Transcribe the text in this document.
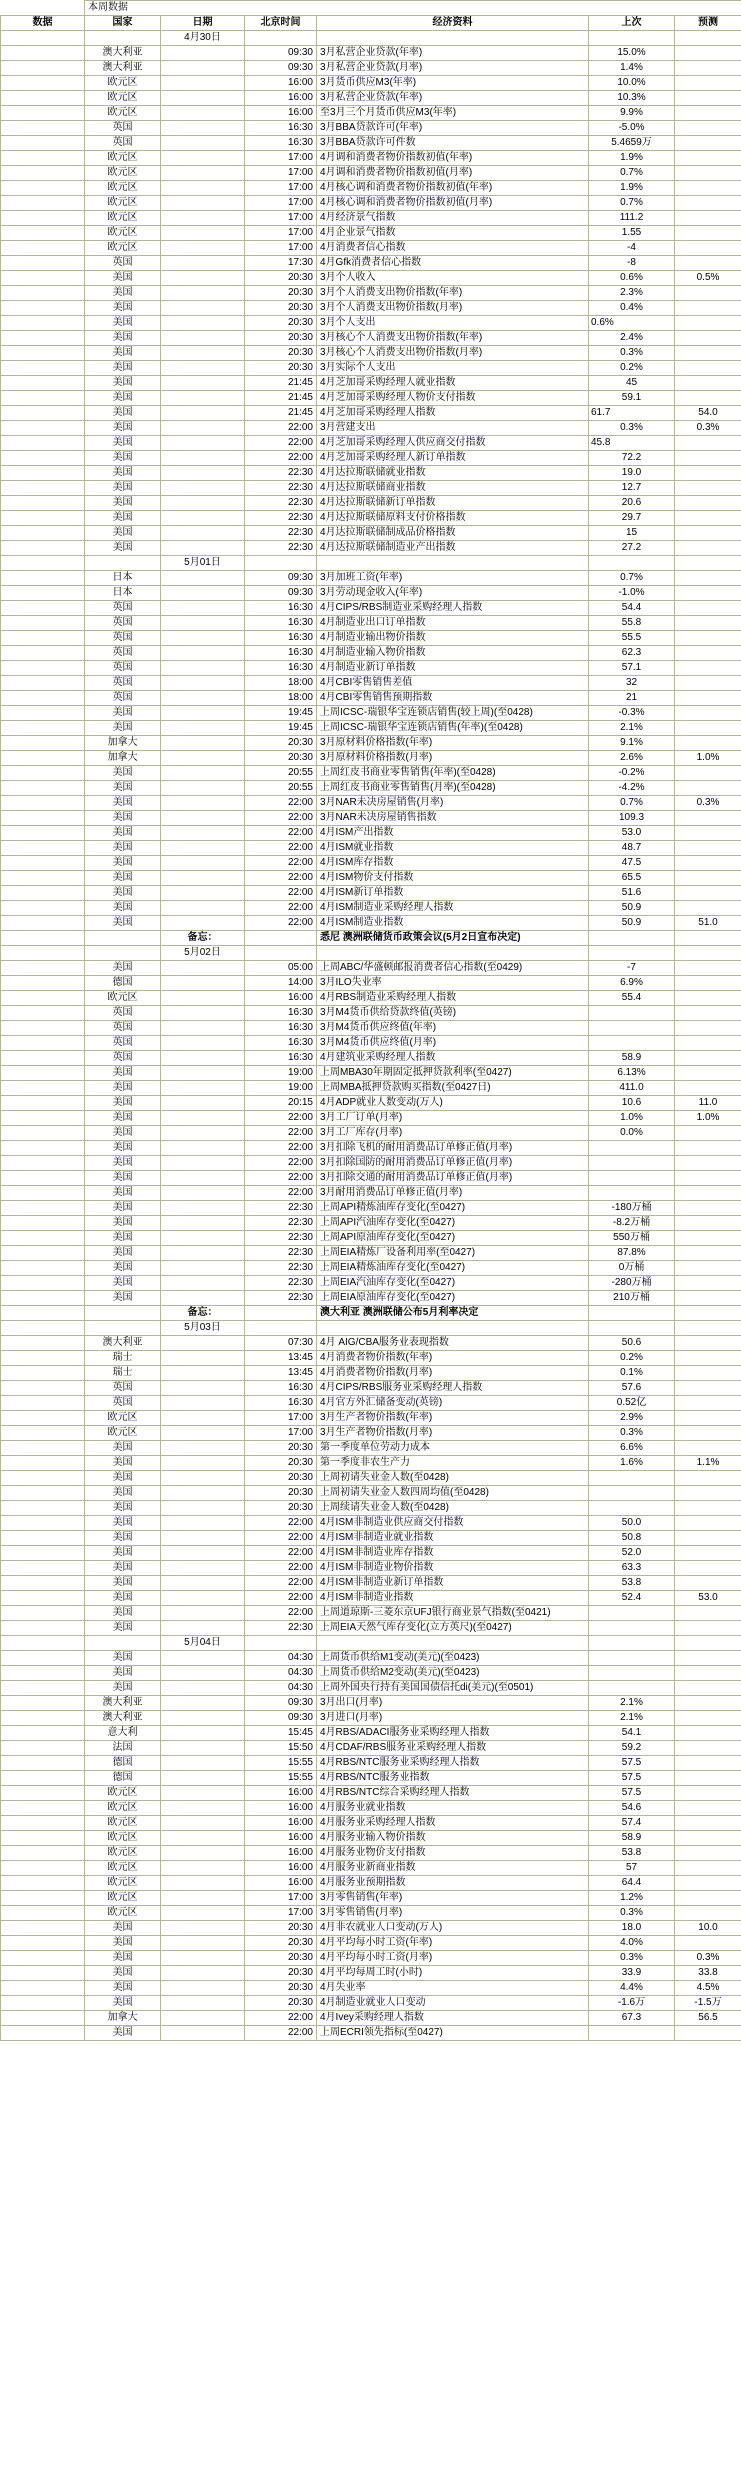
	本周数据					
数据	国家	日期	北京时间	经济资料	上次	预测
		4月30日				
	澳大利亚		09:30	3月私营企业贷款(年率)	15.0%	
	澳大利亚		09:30	3月私营企业贷款(月率)	1.4%	
	欧元区		16:00	3月货币供应M3(年率)	10.0%	
	欧元区		16:00	3月私营企业贷款(年率)	10.3%	
	欧元区		16:00	至3月三个月货币供应M3(年率)	9.9%	
	英国		16:30	3月BBA贷款许可(年率)	-5.0%	
	英国		16:30	3月BBA贷款许可件数	5.4659万	
	欧元区		17:00	4月调和消费者物价指数初值(年率)	1.9%	
	欧元区		17:00	4月调和消费者物价指数初值(月率)	0.7%	
	欧元区		17:00	4月核心调和消费者物价指数初值(年率)	1.9%	
	欧元区		17:00	4月核心调和消费者物价指数初值(月率)	0.7%	
	欧元区		17:00	4月经济景气指数	111.2	
	欧元区		17:00	4月企业景气指数	1.55	
	欧元区		17:00	4月消费者信心指数	-4	
	英国		17:30	4月Gfk消费者信心指数	-8	
	美国		20:30	3月个人收入	0.6%	0.5%
	美国		20:30	3月个人消费支出物价指数(年率)	2.3%	
	美国		20:30	3月个人消费支出物价指数(月率)	0.4%	
	美国		20:30	3月个人支出	0.6%	
	美国		20:30	3月核心个人消费支出物价指数(年率)	2.4%	
	美国		20:30	3月核心个人消费支出物价指数(月率)	0.3%	
	美国		20:30	3月实际个人支出	0.2%	
	美国		21:45	4月芝加哥采购经理人就业指数	45	
	美国		21:45	4月芝加哥采购经理人物价支付指数	59.1	
	美国		21:45	4月芝加哥采购经理人指数	61.7	54.0
	美国		22:00	3月营建支出	0.3%	0.3%
	美国		22:00	4月芝加哥采购经理人供应商交付指数	45.8	
	美国		22:00	4月芝加哥采购经理人新订单指数	72.2	
	美国		22:30	4月达拉斯联储就业指数	19.0	
	美国		22:30	4月达拉斯联储商业指数	12.7	
	美国		22:30	4月达拉斯联储新订单指数	20.6	
	美国		22:30	4月达拉斯联储原料支付价格指数	29.7	
	美国		22:30	4月达拉斯联储制成品价格指数	15	
	美国		22:30	4月达拉斯联储制造业产出指数	27.2	
		5月01日				
	日本		09:30	3月加班工资(年率)	0.7%	
	日本		09:30	3月劳动现金收入(年率)	-1.0%	
	英国		16:30	4月CIPS/RBS制造业采购经理人指数	54.4	
	英国		16:30	4月制造业出口订单指数	55.8	
	英国		16:30	4月制造业输出物价指数	55.5	
	英国		16:30	4月制造业输入物价指数	62.3	
	英国		16:30	4月制造业新订单指数	57.1	
	英国		18:00	4月CBI零售销售差值	32	
	英国		18:00	4月CBI零售销售预期指数	21	
	美国		19:45	上周ICSC-瑞银华宝连锁店销售(较上周)(至0428)	-0.3%	
	美国		19:45	上周ICSC-瑞银华宝连锁店销售(年率)(至0428)	2.1%	
	加拿大		20:30	3月原材料价格指数(年率)	9.1%	
	加拿大		20:30	3月原材料价格指数(月率)	2.6%	1.0%
	美国		20:55	上周红皮书商业零售销售(年率)(至0428)	-0.2%	
	美国		20:55	上周红皮书商业零售销售(月率)(至0428)	-4.2%	
	美国		22:00	3月NAR未决房屋销售(月率)	0.7%	0.3%
	美国		22:00	3月NAR未决房屋销售指数	109.3	
	美国		22:00	4月ISM产出指数	53.0	
	美国		22:00	4月ISM就业指数	48.7	
	美国		22:00	4月ISM库存指数	47.5	
	美国		22:00	4月ISM物价支付指数	65.5	
	美国		22:00	4月ISM新订单指数	51.6	
	美国		22:00	4月ISM制造业采购经理人指数	50.9	
	美国		22:00	4月ISM制造业指数	50.9	51.0
		备忘：		悉尼 澳洲联储货币政策会议(5月2日宣布决定)		
		5月02日				
	美国		05:00	上周ABC/华盛顿邮报消费者信心指数(至0429)	-7	
	德国		14:00	3月ILO失业率	6.9%	
	欧元区		16:00	4月RBS制造业采购经理人指数	55.4	
	英国		16:30	3月M4货币供给贷款终值(英镑)		
	英国		16:30	3月M4货币供应终值(年率)		
	英国		16:30	3月M4货币供应终值(月率)		
	英国		16:30	4月建筑业采购经理人指数	58.9	
	美国		19:00	上周MBA30年期固定抵押贷款利率(至0427)	6.13%	
	美国		19:00	上周MBA抵押贷款购买指数(至0427日)	411.0	
	美国		20:15	4月ADP就业人数变动(万人)	10.6	11.0
	美国		22:00	3月工厂订单(月率)	1.0%	1.0%
	美国		22:00	3月工厂库存(月率)	0.0%	
	美国		22:00	3月扣除飞机的耐用消费品订单修正值(月率)		
	美国		22:00	3月扣除国防的耐用消费品订单修正值(月率)		
	美国		22:00	3月扣除交通的耐用消费品订单修正值(月率)		
	美国		22:00	3月耐用消费品订单修正值(月率)		
	美国		22:30	上周API精炼油库存变化(至0427)	-180万桶	
	美国		22:30	上周API汽油库存变化(至0427)	-8.2万桶	
	美国		22:30	上周API原油库存变化(至0427)	550万桶	
	美国		22:30	上周EIA精炼厂设备利用率(至0427)	87.8%	
	美国		22:30	上周EIA精炼油库存变化(至0427)	0万桶	
	美国		22:30	上周EIA汽油库存变化(至0427)	-280万桶	
	美国		22:30	上周EIA原油库存变化(至0427)	210万桶	
		备忘：		澳大利亚 澳洲联储公布5月利率决定		
		5月03日				
	澳大利亚		07:30	4月 AIG/CBA服务业表现指数	50.6	
	瑞士		13:45	4月消费者物价指数(年率)	0.2%	
	瑞士		13:45	4月消费者物价指数(月率)	0.1%	
	英国		16:30	4月CIPS/RBS服务业采购经理人指数	57.6	
	英国		16:30	4月官方外汇储备变动(英镑)	0.52亿	
	欧元区		17:00	3月生产者物价指数(年率)	2.9%	
	欧元区		17:00	3月生产者物价指数(月率)	0.3%	
	美国		20:30	第一季度单位劳动力成本	6.6%	
	美国		20:30	第一季度非农生产力	1.6%	1.1%
	美国		20:30	上周初请失业金人数(至0428)		
	美国		20:30	上周初请失业金人数四周均值(至0428)		
	美国		20:30	上周续请失业金人数(至0428)		
	美国		22:00	4月ISM非制造业供应商交付指数	50.0	
	美国		22:00	4月ISM非制造业就业指数	50.8	
	美国		22:00	4月ISM非制造业库存指数	52.0	
	美国		22:00	4月ISM非制造业物价指数	63.3	
	美国		22:00	4月ISM非制造业新订单指数	53.8	
	美国		22:00	4月ISM非制造业指数	52.4	53.0
	美国		22:00	上周道琼斯-三菱东京UFJ银行商业景气指数(至0421)		
	美国		22:30	上周EIA天然气库存变化(立方英尺)(至0427)		
		5月04日				
	美国		04:30	上周货币供给M1变动(美元)(至0423)		
	美国		04:30	上周货币供给M2变动(美元)(至0423)		
	美国		04:30	上周外国央行持有美国国债信托di(美元)(至0501)		
	澳大利亚		09:30	3月出口(月率)	2.1%	
	澳大利亚		09:30	3月进口(月率)	2.1%	
	意大利		15:45	4月RBS/ADACI服务业采购经理人指数	54.1	
	法国		15:50	4月CDAF/RBS服务业采购经理人指数	59.2	
	德国		15:55	4月RBS/NTC服务业采购经理人指数	57.5	
	德国		15:55	4月RBS/NTC服务业指数	57.5	
	欧元区		16:00	4月RBS/NTC综合采购经理人指数	57.5	
	欧元区		16:00	4月服务业就业指数	54.6	
	欧元区		16:00	4月服务业采购经理人指数	57.4	
	欧元区		16:00	4月服务业输入物价指数	58.9	
	欧元区		16:00	4月服务业物价支付指数	53.8	
	欧元区		16:00	4月服务业新商业指数	57	
	欧元区		16:00	4月服务业预期指数	64.4	
	欧元区		17:00	3月零售销售(年率)	1.2%	
	欧元区		17:00	3月零售销售(月率)	0.3%	
	美国		20:30	4月非农就业人口变动(万人)	18.0	10.0
	美国		20:30	4月平均每小时工资(年率)	4.0%	
	美国		20:30	4月平均每小时工资(月率)	0.3%	0.3%
	美国		20:30	4月平均每周工时(小时)	33.9	33.8
	美国		20:30	4月失业率	4.4%	4.5%
	美国		20:30	4月制造业就业人口变动	-1.6万	-1.5万
	加拿大		22:00	4月Ivey采购经理人指数	67.3	56.5
	美国		22:00	上周ECRI领先指标(至0427)		
